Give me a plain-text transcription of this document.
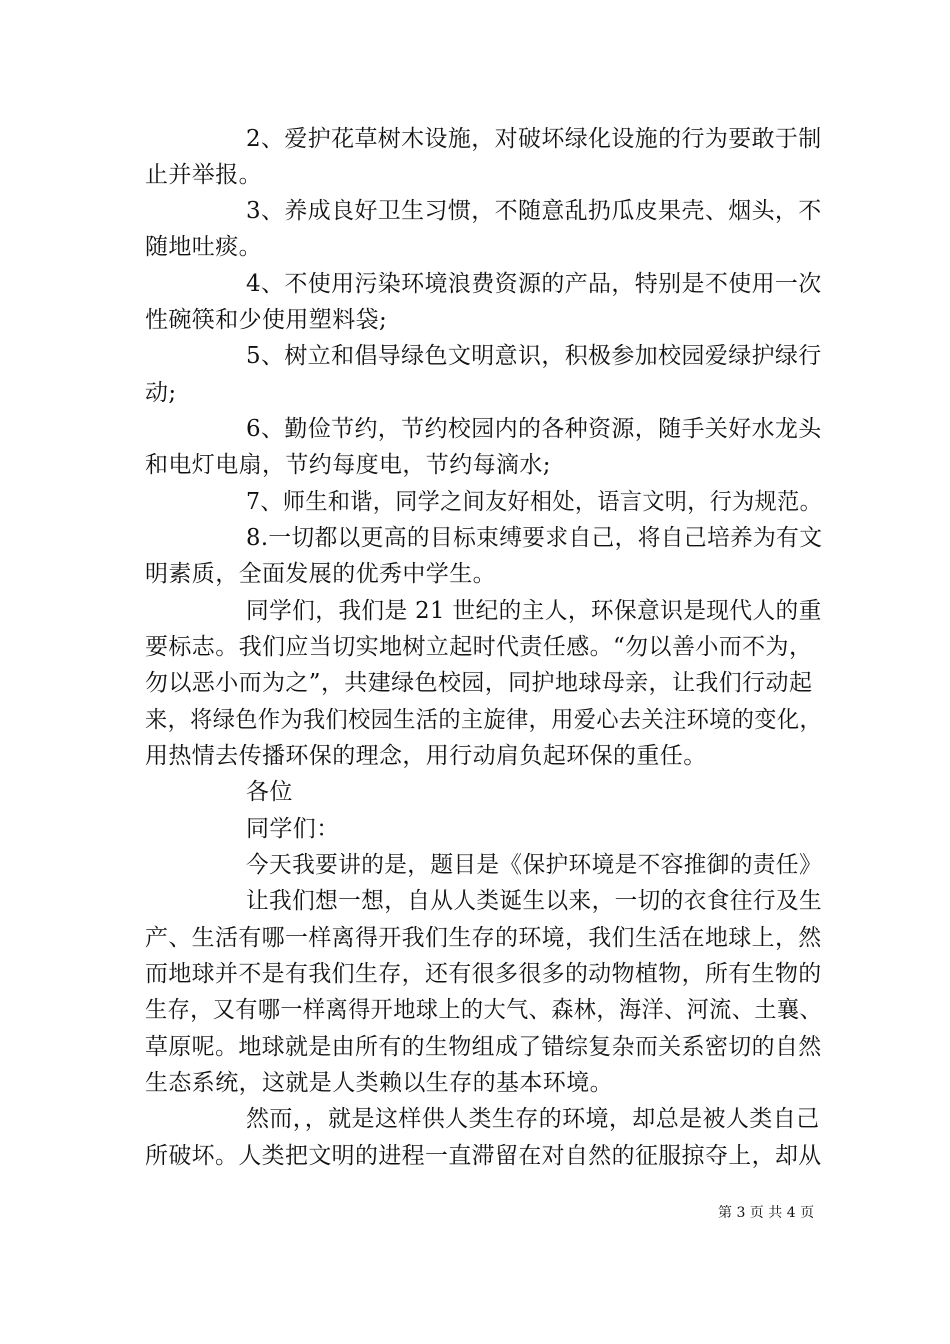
2、爱护花草树木设施，对破坏绿化设施的行为要敢于制
止并举报。
3、养成良好卫生习惯，不随意乱扔瓜皮果壳、烟头，不
随地吐痰。
4、不使用污染环境浪费资源的产品，特别是不使用一次
性碗筷和少使用塑料袋;
5、树立和倡导绿色文明意识，积极参加校园爱绿护绿行
动;
6、勤俭节约，节约校园内的各种资源，随手关好水龙头
和电灯电扇，节约每度电，节约每滴水;
7、师生和谐，同学之间友好相处，语言文明，行为规范。
8.一切都以更高的目标束缚要求自己，将自己培养为有文
明素质，全面发展的优秀中学生。
同学们，我们是 21 世纪的主人，环保意识是现代人的重
要标志。我们应当切实地树立起时代责任感。“勿以善小而不为，
勿以恶小而为之”，共建绿色校园，同护地球母亲，让我们行动起
来，将绿色作为我们校园生活的主旋律，用爱心去关注环境的变化，
用热情去传播环保的理念，用行动肩负起环保的重任。
各位
同学们：
今天我要讲的是，题目是《保护环境是不容推御的责任》
让我们想一想，自从人类诞生以来，一切的衣食往行及生
产、生活有哪一样离得开我们生存的环境，我们生活在地球上，然
而地球并不是有我们生存，还有很多很多的动物植物，所有生物的
生存，又有哪一样离得开地球上的大气、森林，海洋、河流、土襄、
草原呢。地球就是由所有的生物组成了错综复杂而关系密切的自然
生态系统，这就是人类赖以生存的基本环境。
然而，，就是这样供人类生存的环境，却总是被人类自己
所破坏。人类把文明的进程一直滞留在对自然的征服掠夺上，却从
第 3 页 共 4 页
